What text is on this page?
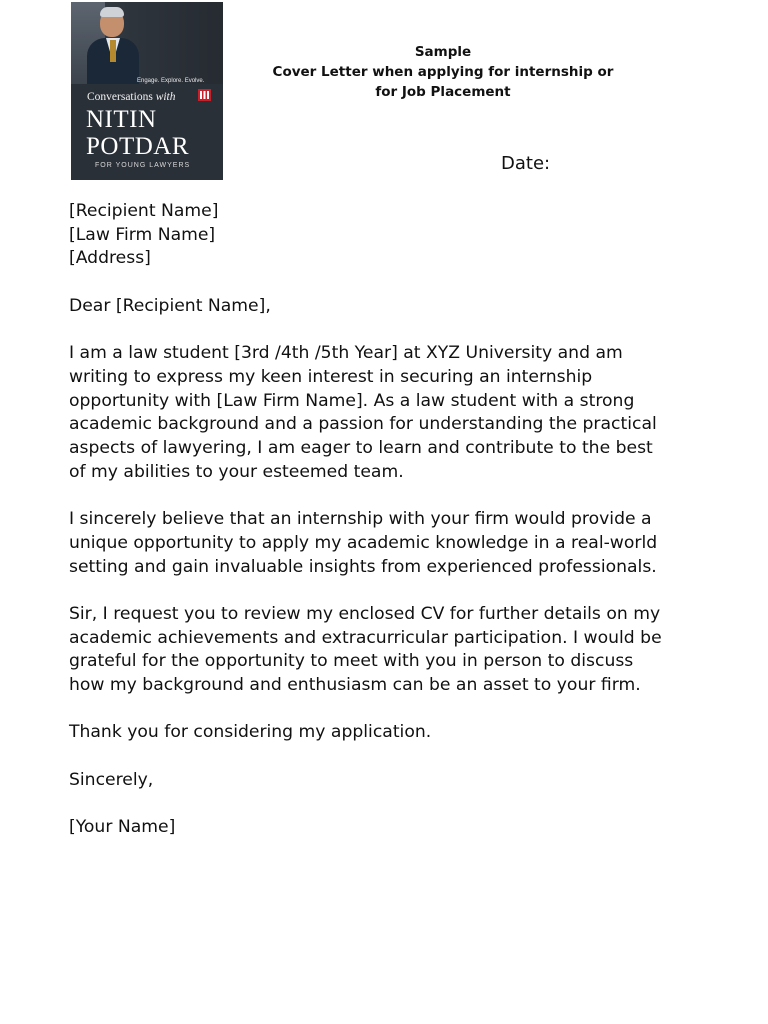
Engage. Explore. Evolve.
Conversations with
NITIN
POTDAR
FOR YOUNG LAWYERS
Sample
Cover Letter when applying for internship or
for Job Placement
Date:

[Recipient Name]
[Law Firm Name]
[Address]

Dear [Recipient Name],

I am a law student [3rd /4th /5th Year] at XYZ University and am
writing to express my keen interest in securing an internship
opportunity with [Law Firm Name]. As a law student with a strong
academic background and a passion for understanding the practical
aspects of lawyering, I am eager to learn and contribute to the best
of my abilities to your esteemed team.

I sincerely believe that an internship with your firm would provide a
unique opportunity to apply my academic knowledge in a real-world
setting and gain invaluable insights from experienced professionals.

Sir, I request you to review my enclosed CV for further details on my
academic achievements and extracurricular participation. I would be
grateful for the opportunity to meet with you in person to discuss
how my background and enthusiasm can be an asset to your firm.

Thank you for considering my application.

Sincerely,

[Your Name]
